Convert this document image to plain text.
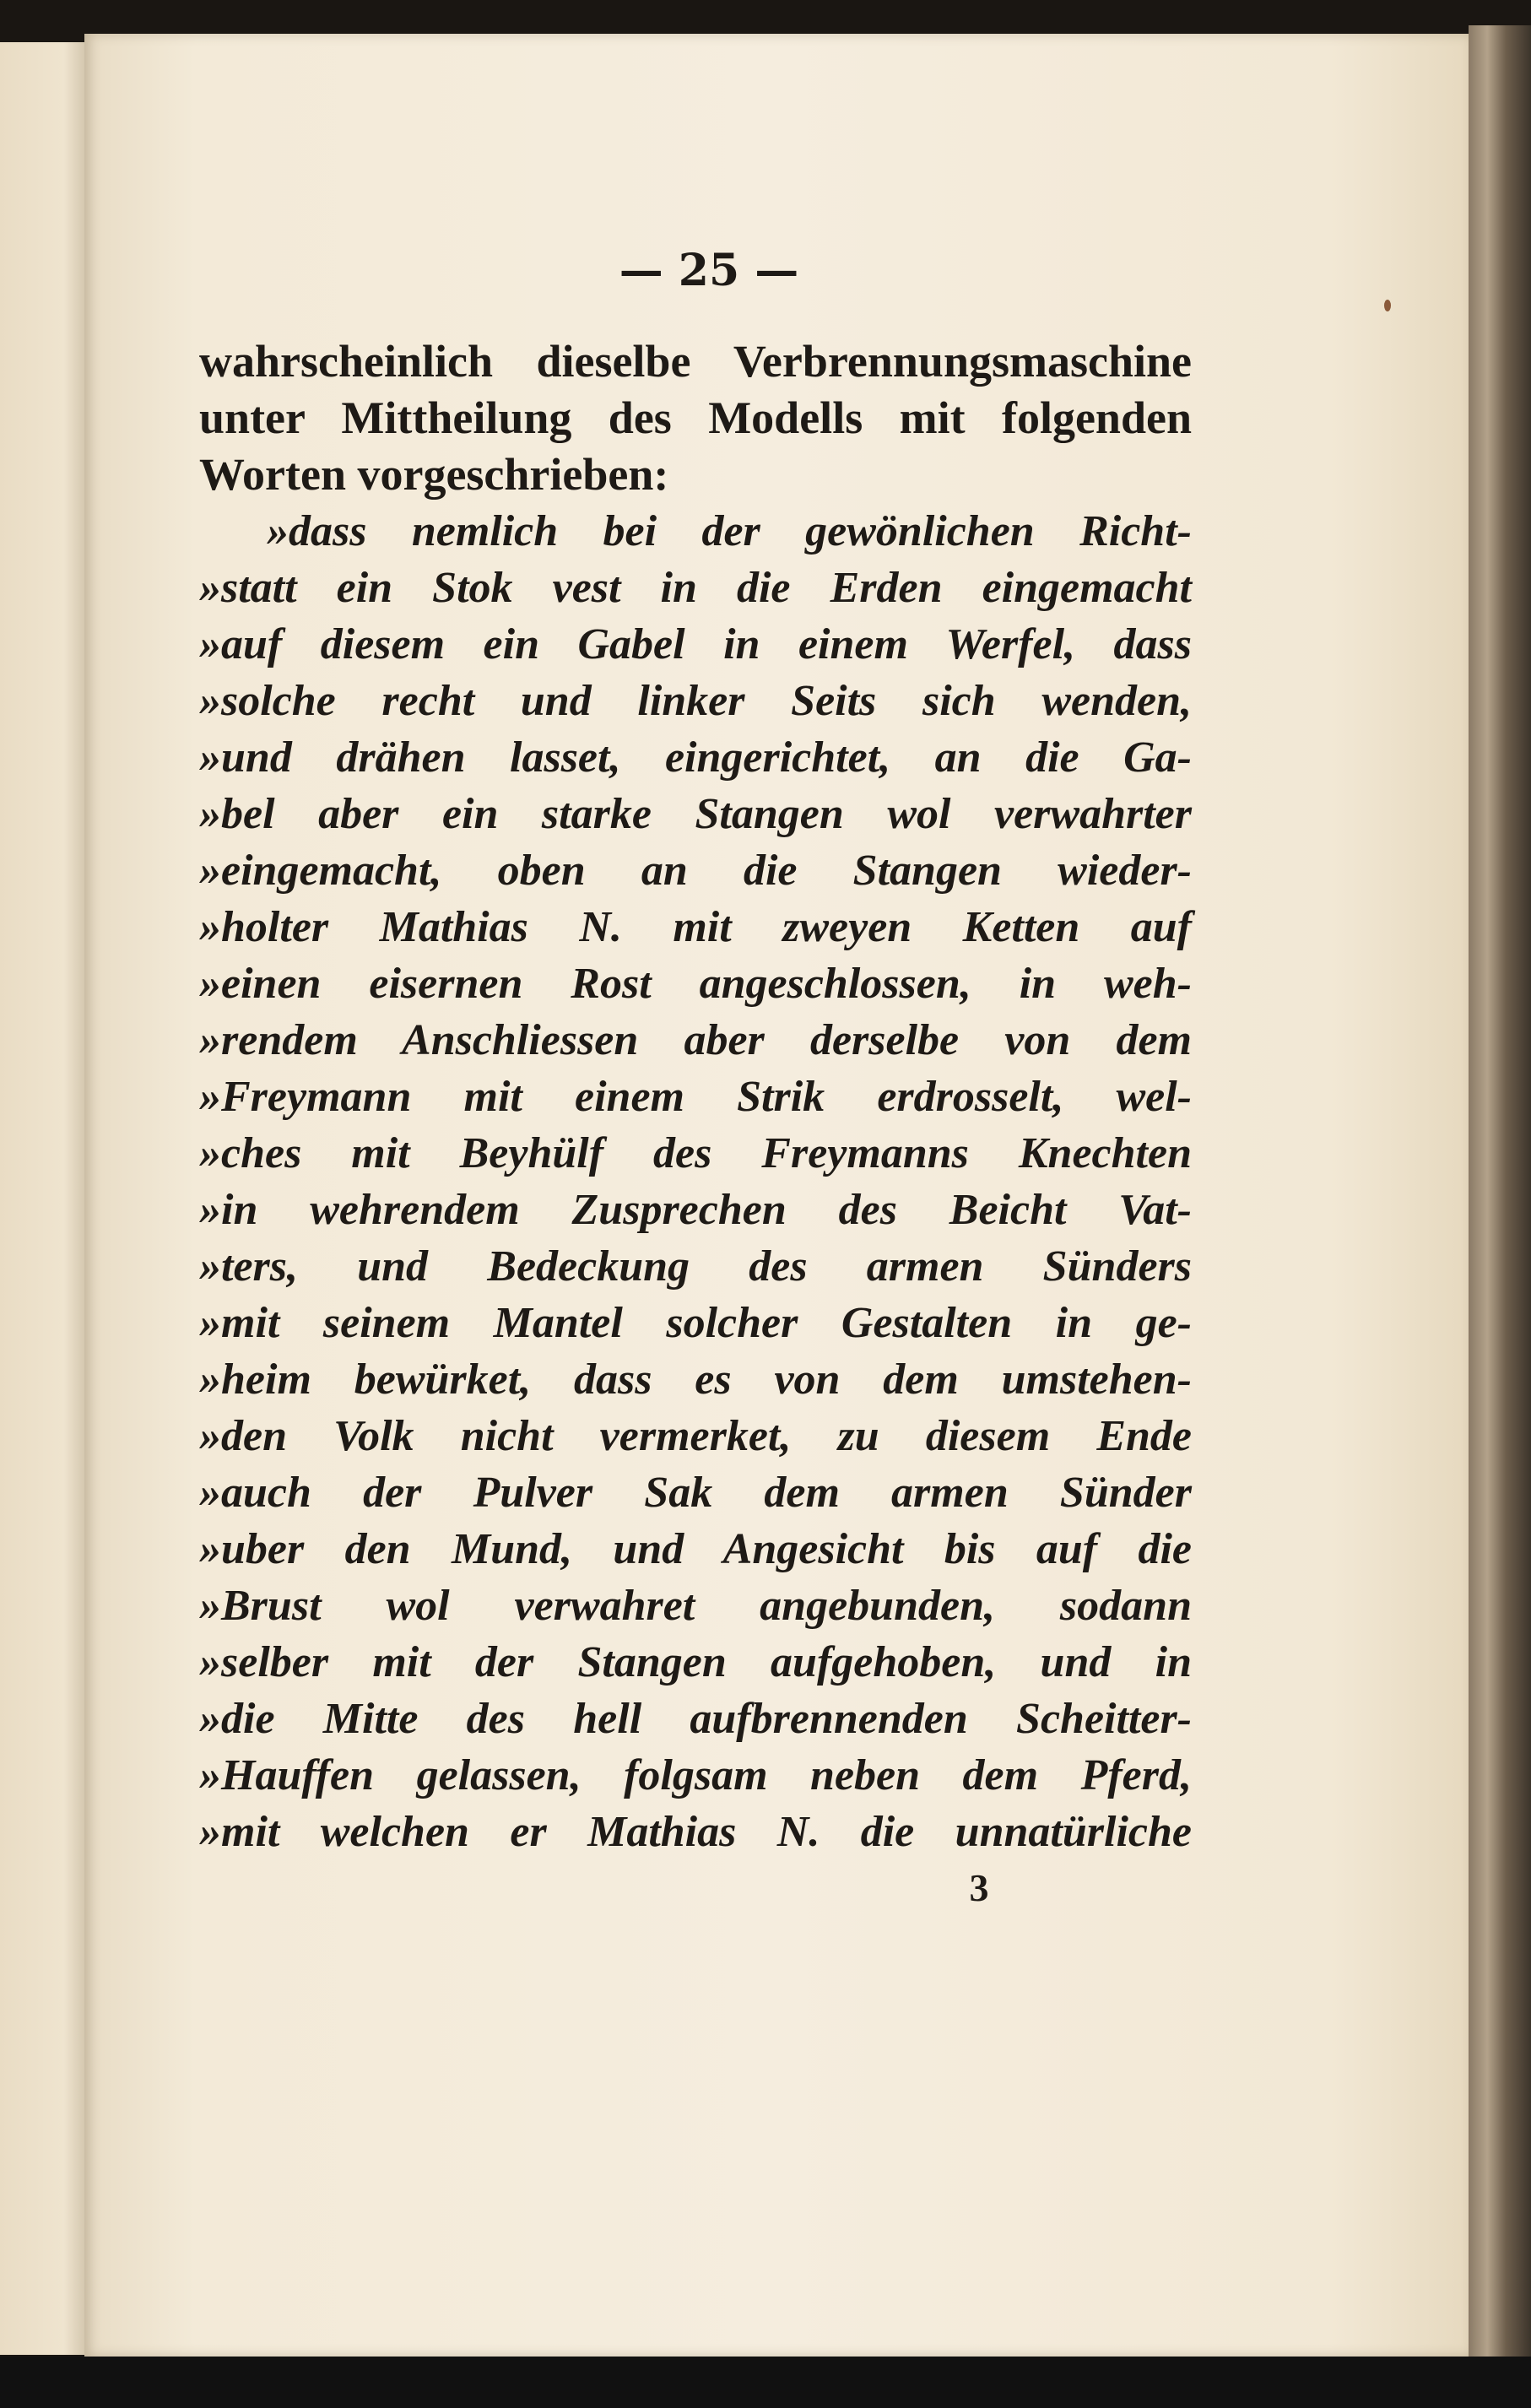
— 25 —
wahrscheinlich dieselbe Verbrennungsmaschine
unter Mittheilung des Modells mit folgenden
Worten vorgeschrieben:
»dass nemlich bei der gewönlichen Richt-
»statt ein Stok vest in die Erden eingemacht
»auf diesem ein Gabel in einem Werfel, dass
»solche recht und linker Seits sich wenden,
»und drähen lasset, eingerichtet, an die Ga-
»bel aber ein starke Stangen wol verwahrter
»eingemacht, oben an die Stangen wieder-
»holter Mathias N. mit zweyen Ketten auf
»einen eisernen Rost angeschlossen, in weh-
»rendem Anschliessen aber derselbe von dem
»Freymann mit einem Strik erdrosselt, wel-
»ches mit Beyhülf des Freymanns Knechten
»in wehrendem Zusprechen des Beicht Vat-
»ters, und Bedeckung des armen Sünders
»mit seinem Mantel solcher Gestalten in ge-
»heim bewürket, dass es von dem umstehen-
»den Volk nicht vermerket, zu diesem Ende
»auch der Pulver Sak dem armen Sünder
»uber den Mund, und Angesicht bis auf die
»Brust wol verwahret angebunden, sodann
»selber mit der Stangen aufgehoben, und in
»die Mitte des hell aufbrennenden Scheitter-
»Hauffen gelassen, folgsam neben dem Pferd,
»mit welchen er Mathias N. die unnatürliche
3
